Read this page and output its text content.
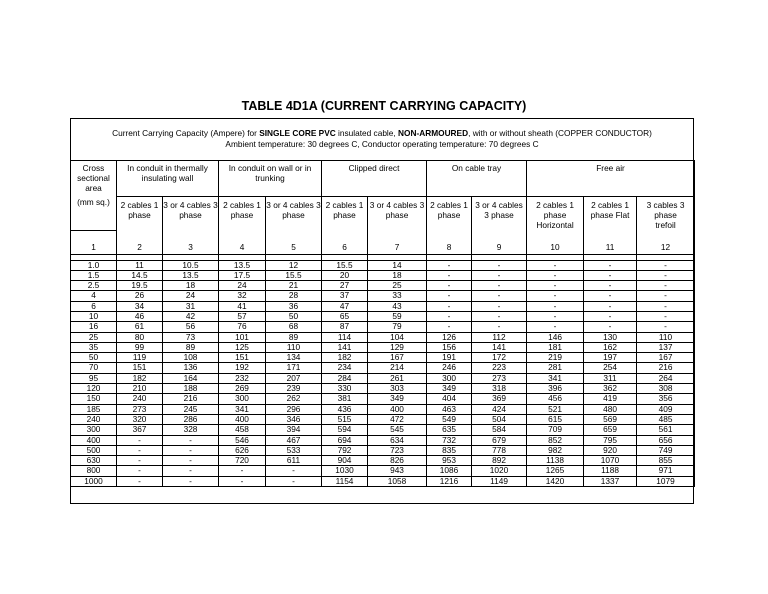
TABLE 4D1A (CURRENT CARRYING CAPACITY)
Current Carrying Capacity (Ampere) for SINGLE CORE PVC insulated cable, NON-ARMOURED, with or without sheath (COPPER CONDUCTOR)
Ambient temperature: 30 degrees C, Conductor operating temperature: 70 degrees C
Cross sectional area
(mm sq.)	In conduit in thermally insulating wall		In conduit on wall or in trunking		Clipped direct		On cable tray		Free air		
	2 cables 1 phase	3 or 4 cables 3 phase	2 cables 1 phase	3 or 4 cables 3 phase	2 cables 1 phase	3 or 4 cables 3 phase	2 cables 1 phase	3 or 4 cables 3 phase	2 cables 1 phase Horizontal	2 cables 1 phase Flat	3 cables 3 phase trefoil

1	2	3	4	5	6	7	8	9	10	11	12

1.0	11	10.5	13.5	12	15.5	14	-	-	-	-	-
1.5	14.5	13.5	17.5	15.5	20	18	-	-	-	-	-
2.5	19.5	18	24	21	27	25	-	-	-	-	-
4	26	24	32	28	37	33	-	-	-	-	-
6	34	31	41	36	47	43	-	-	-	-	-
10	46	42	57	50	65	59	-	-	-	-	-
16	61	56	76	68	87	79	-	-	-	-	-
25	80	73	101	89	114	104	126	112	146	130	110
35	99	89	125	110	141	129	156	141	181	162	137
50	119	108	151	134	182	167	191	172	219	197	167
70	151	136	192	171	234	214	246	223	281	254	216
95	182	164	232	207	284	261	300	273	341	311	264
120	210	188	269	239	330	303	349	318	396	362	308
150	240	216	300	262	381	349	404	369	456	419	356
185	273	245	341	296	436	400	463	424	521	480	409
240	320	286	400	346	515	472	549	504	615	569	485
300	367	328	458	394	594	545	635	584	709	659	561
400	-	-	546	467	694	634	732	679	852	795	656
500	-	-	626	533	792	723	835	778	982	920	749
630	-	-	720	611	904	826	953	892	1138	1070	855
800	-	-	-	-	1030	943	1086	1020	1265	1188	971
1000	-	-	-	-	1154	1058	1216	1149	1420	1337	1079
